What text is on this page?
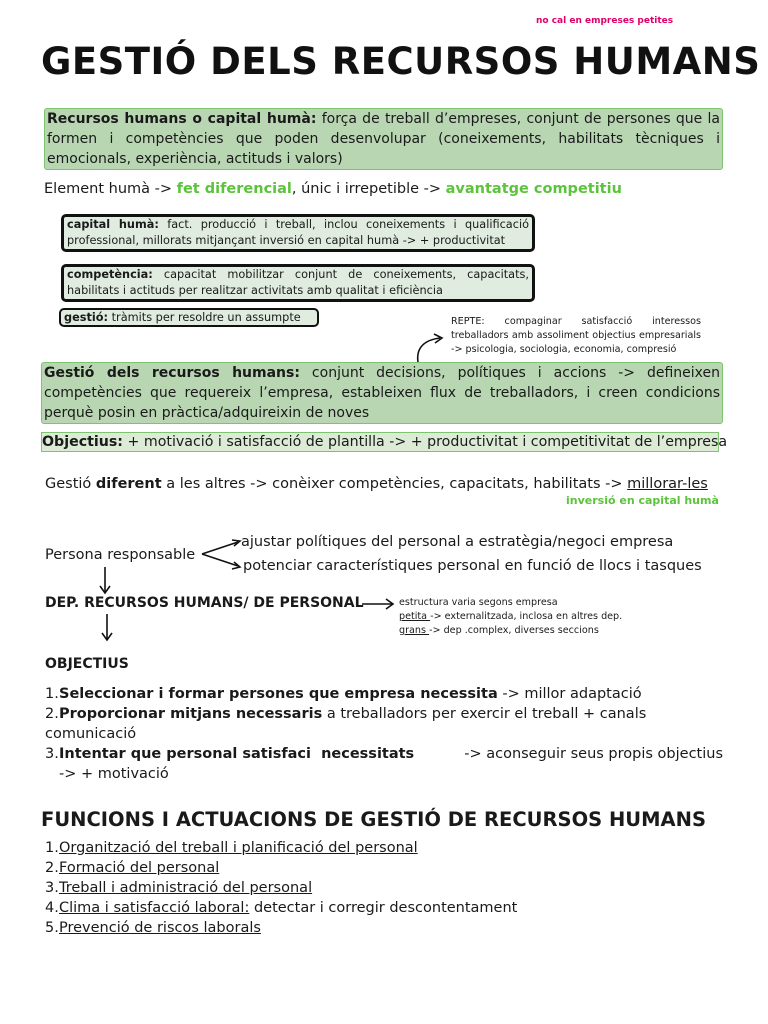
no cal en empreses petites
GESTIÓ DELS RECURSOS HUMANS
Recursos humans o capital humà: força de treball d’empreses, conjunt de persones que la formen i competències que poden desenvolupar (coneixements, habilitats tècniques i emocionals, experiència, actituds i valors)
Element humà -> fet diferencial, únic i irrepetible -> avantatge competitiu
capital humà: fact. producció i treball, inclou coneixements i qualificació professional, millorats mitjançant inversió en capital humà -> + productivitat
competència: capacitat mobilitzar conjunt de coneixements, capacitats, habilitats i actituds per realitzar activitats amb qualitat i eficiència
gestió: tràmits per resoldre un assumpte	REPTE: compaginar satisfacció interessos treballadors amb assoliment objectius empresarials -> psicologia, sociologia, economia, compresió
Gestió dels recursos humans: conjunt decisions, polítiques i accions -> defineixen competències que requereix l’empresa, estableixen flux de treballadors, i creen condicions perquè posin en pràctica/adquireixin de noves
Objectius: + motivació i satisfacció de plantilla -> + productivitat i competitivitat de l’empresa
Gestió diferent a les altres -> conèixer competències, capacitats, habilitats -> millorar-les
inversió en capital humà
Persona responsable
ajustar polítiques del personal a estratègia/negoci empresa
potenciar característiques personal en funció de llocs i tasques
DEP. RECURSOS HUMANS/ DE PERSONAL	estructura varia segons empresa
petita -> externalitzada, inclosa en altres dep.
grans -> dep .complex, diverses seccions
OBJECTIUS
1.Seleccionar i formar persones que empresa necessita -> millor adaptació
2.Proporcionar mitjans necessaris a treballadors per exercir el treball + canals comunicació
3. Intentar que personal satisfaci  necessitats	-> aconseguir seus propis objectius
-> + motivació
FUNCIONS I ACTUACIONS DE GESTIÓ DE RECURSOS HUMANS
1.Organització del treball i planificació del personal
2.Formació del personal
3.Treball i administració del personal
4.Clima i satisfacció laboral: detectar i corregir descontentament
5.Prevenció de riscos laborals
